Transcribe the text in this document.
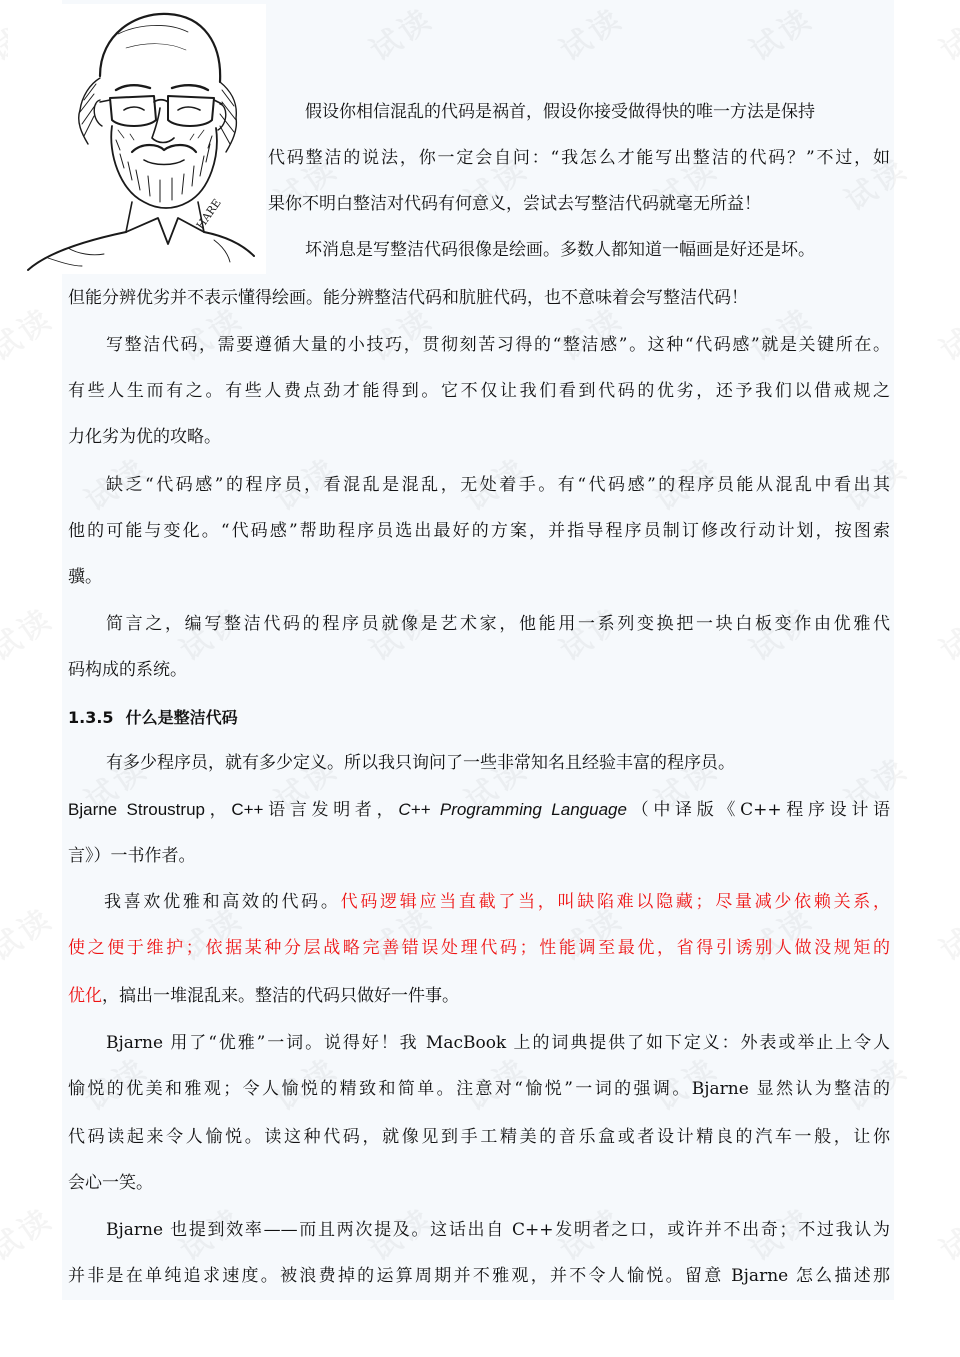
HARE
假设你相信混乱的代码是祸首，假设你接受做得快的唯一方法是保持
代码整洁的说法，你一定会自问：“我怎么才能写出整洁的代码？”不过，如
果你不明白整洁对代码有何意义，尝试去写整洁代码就毫无所益！
坏消息是写整洁代码很像是绘画。多数人都知道一幅画是好还是坏。
但能分辨优劣并不表示懂得绘画。能分辨整洁代码和肮脏代码，也不意味着会写整洁代码！
写整洁代码，需要遵循大量的小技巧，贯彻刻苦习得的“整洁感”。这种“代码感”就是关键所在。
有些人生而有之。有些人费点劲才能得到。它不仅让我们看到代码的优劣，还予我们以借戒规之
力化劣为优的攻略。
缺乏“代码感”的程序员，看混乱是混乱，无处着手。有“代码感”的程序员能从混乱中看出其
他的可能与变化。“代码感”帮助程序员选出最好的方案，并指导程序员制订修改行动计划，按图索
骥。
简言之，编写整洁代码的程序员就像是艺术家，他能用一系列变换把一块白板变作由优雅代
码构成的系统。
1.3.5 什么是整洁代码
有多少程序员，就有多少定义。所以我只询问了一些非常知名且经验丰富的程序员。
Bjarne Stroustrup，C++语言发明者，C++ Programming Language（中译版《C++程序设计语
言》）一书作者。
我喜欢优雅和高效的代码。代码逻辑应当直截了当，叫缺陷难以隐藏；尽量减少依赖关系，
使之便于维护；依据某种分层战略完善错误处理代码；性能调至最优，省得引诱别人做没规矩的
优化，搞出一堆混乱来。整洁的代码只做好一件事。
Bjarne 用了“优雅”一词。说得好！我 MacBook 上的词典提供了如下定义：外表或举止上令人
愉悦的优美和雅观；令人愉悦的精致和简单。注意对“愉悦”一词的强调。Bjarne 显然认为整洁的
代码读起来令人愉悦。读这种代码，就像见到手工精美的音乐盒或者设计精良的汽车一般，让你
会心一笑。
Bjarne 也提到效率——而且两次提及。这话出自 C++发明者之口，或许并不出奇；不过我认为
并非是在单纯追求速度。被浪费掉的运算周期并不雅观，并不令人愉悦。留意 Bjarne 怎么描述那
